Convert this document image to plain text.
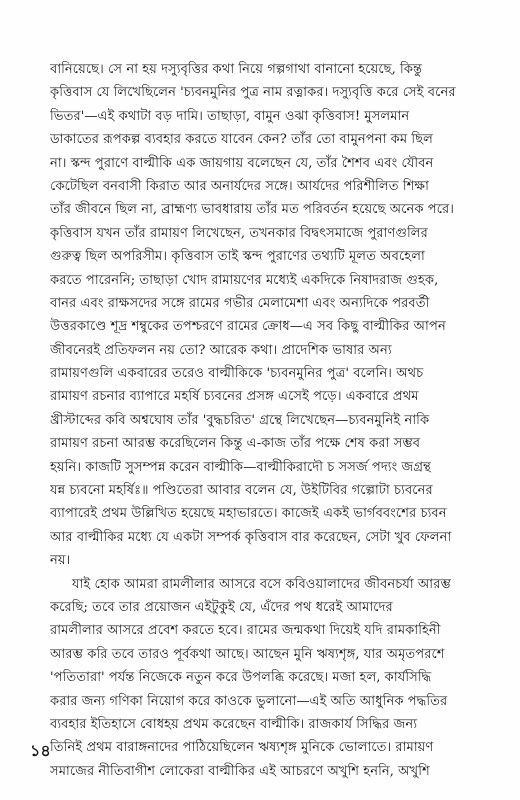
বানিয়েছে। সে না হয় দস্যুবৃত্তির কথা নিয়ে গল্পগাথা বানানো হয়েছে, কিন্তু
কৃত্তিবাস যে লিখেছিলেন 'চ্যবনমুনির পুত্র নাম রত্নাকর। দস্যুবৃত্তি করে সেই বনের
ভিতর'—এই কথাটা বড় দামি। তাছাড়া, বামুন ওঝা কৃত্তিবাস! মুসলমান
ডাকাতের রূপকল্প ব্যবহার করতে যাবেন কেন? তাঁর তো বামুনপনা কম ছিল
না। স্কন্দ পুরাণে বাল্মীকি এক জায়গায় বলেছেন যে, তাঁর শৈশব এবং যৌবন
কেটেছিল বনবাসী কিরাত আর অনার্যদের সঙ্গে। আর্যদের পরিশীলিত শিক্ষা
তাঁর জীবনে ছিল না, ব্রাহ্মণ্য ভাবধারায় তাঁর মত পরিবর্তন হয়েছে অনেক পরে।
কৃত্তিবাস যখন তাঁর রামায়ণ লিখেছেন, তখনকার বিদ্বৎসমাজে পুরাণগুলির
গুরুত্ব ছিল অপরিসীম। কৃত্তিবাস তাই স্কন্দ পুরাণের তথ্যটি মূলত অবহেলা
করতে পারেননি; তাছাড়া খোদ রামায়ণের মধ্যেই একদিকে নিষাদরাজ গুহক,
বানর এবং রাক্ষসদের সঙ্গে রামের গভীর মেলামেশা এবং অন্যদিকে পরবর্তী
উত্তরকাণ্ডে শূদ্র শম্বুকের তপশ্চরণে রামের ক্রোধ—এ সব কিছু বাল্মীকির আপন
জীবনেরই প্রতিফলন নয় তো? আরেক কথা। প্রাদেশিক ভাষার অন্য
রামায়ণগুলি একবারের তরেও বাল্মীকিকে 'চ্যবনমুনির পুত্র' বলেনি। অথচ
রামায়ণ রচনার ব্যাপারে মহর্ষি চ্যবনের প্রসঙ্গ এসেই পড়ে। একবারে প্রথম
খ্রীস্টাব্দের কবি অশ্বঘোষ তাঁর 'বুদ্ধচরিত' গ্রন্থে লিখেছেন—চ্যবনমুনিই নাকি
রামায়ণ রচনা আরম্ভ করেছিলেন কিন্তু এ-কাজ তাঁর পক্ষে শেষ করা সম্ভব
হয়নি। কাজটি সুসম্পন্ন করেন বাল্মীকি—বাল্মীকিরাদৌ চ সসর্জ পদ্যং জগ্রন্থ
যন্ন চ্যবনো মহর্ষিঃ॥ পণ্ডিতেরা আবার বলেন যে, উইটিবির গল্পোটা চ্যবনের
ব্যাপারেই প্রথম উল্লিখিত হয়েছে মহাভারতে। কাজেই একই ভার্গববংশের চ্যবন
আর বাল্মীকির মধ্যে যে একটা সম্পর্ক কৃত্তিবাস বার করেছেন, সেটা খুব ফেলনা
নয়।
যাই হোক আমরা রামলীলার আসরে বসে কবিওয়ালাদের জীবনচর্যা আরম্ভ
করেছি; তবে তার প্রয়োজন এইটুকুই যে, এঁদের পথ ধরেই আমাদের
রামলীলার আসরে প্রবেশ করতে হবে। রামের জন্মকথা দিয়েই যদি রামকাহিনী
আরম্ভ করি তবে তারও পূর্বকথা আছে। আছেন মুনি ঋষ্যশৃঙ্গ, যার অমৃতপরশে
'পতিতারা' পর্যন্ত নিজেকে নতুন করে উপলব্ধি করেছে। মজা হল, কার্যসিদ্ধি
করার জন্য গণিকা নিয়োগ করে কাওকে ভুলানো—এই অতি আধুনিক পদ্ধতির
ব্যবহার ইতিহাসে বোধহয় প্রথম করেছেন বাল্মীকি। রাজকার্য সিদ্ধির জন্য
তিনিই প্রথম বারাঙ্গনাদের পাঠিয়েছিলেন ঋষ্যশৃঙ্গ মুনিকে ভোলাতে। রামায়ণ
সমাজের নীতিবাগীশ লোকেরা বাল্মীকির এই আচরণে অখুশি হননি, অখুশি
১৪
